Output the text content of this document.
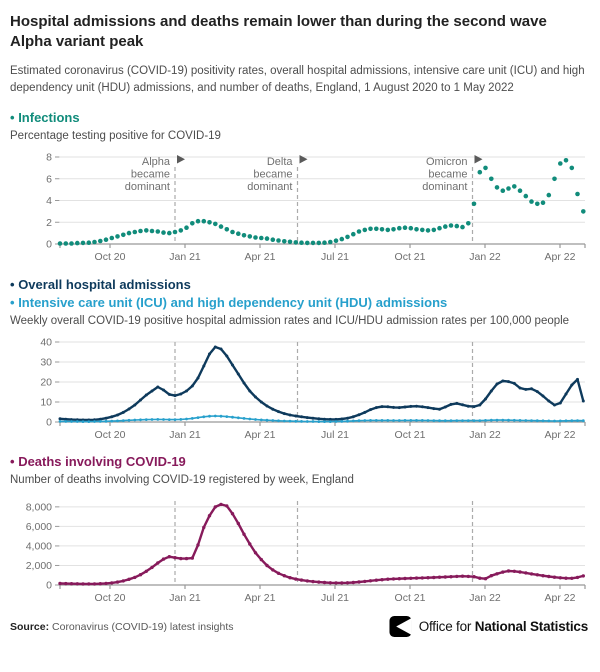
Hospital admissions and deaths remain lower than during the second wave Alpha variant peak

Estimated coronavirus (COVID-19) positivity rates, overall hospital admissions, intensive care unit (ICU) and high dependency unit (HDU) admissions, and number of deaths, England, 1 August 2020 to 1 May 2022

• Infections

Percentage testing positive for COVID-19

0
2
4
6
8	Alpha
became
dominant
Delta
became
dominant
Omicron
became
dominant
Oct 20	Jan 21	Apr 21	Jul 21	Oct 21	Jan 22	Apr 22
• Overall hospital admissions
• Intensive care unit (ICU) and high dependency unit (HDU) admissions

Weekly overall COVID-19 positive hospital admission rates and ICU/HDU admission rates per 100,000 people

0
10
20
30
40
Oct 20	Jan 21	Apr 21	Jul 21	Oct 21	Jan 22	Apr 22
• Deaths involving COVID-19

Number of deaths involving COVID-19 registered by week, England

0
2,000
4,000
6,000
8,000
Oct 20	Jan 21	Apr 21	Jul 21	Oct 21	Jan 22	Apr 22
Source: Coronavirus (COVID-19) latest insights	Office for National Statistics
